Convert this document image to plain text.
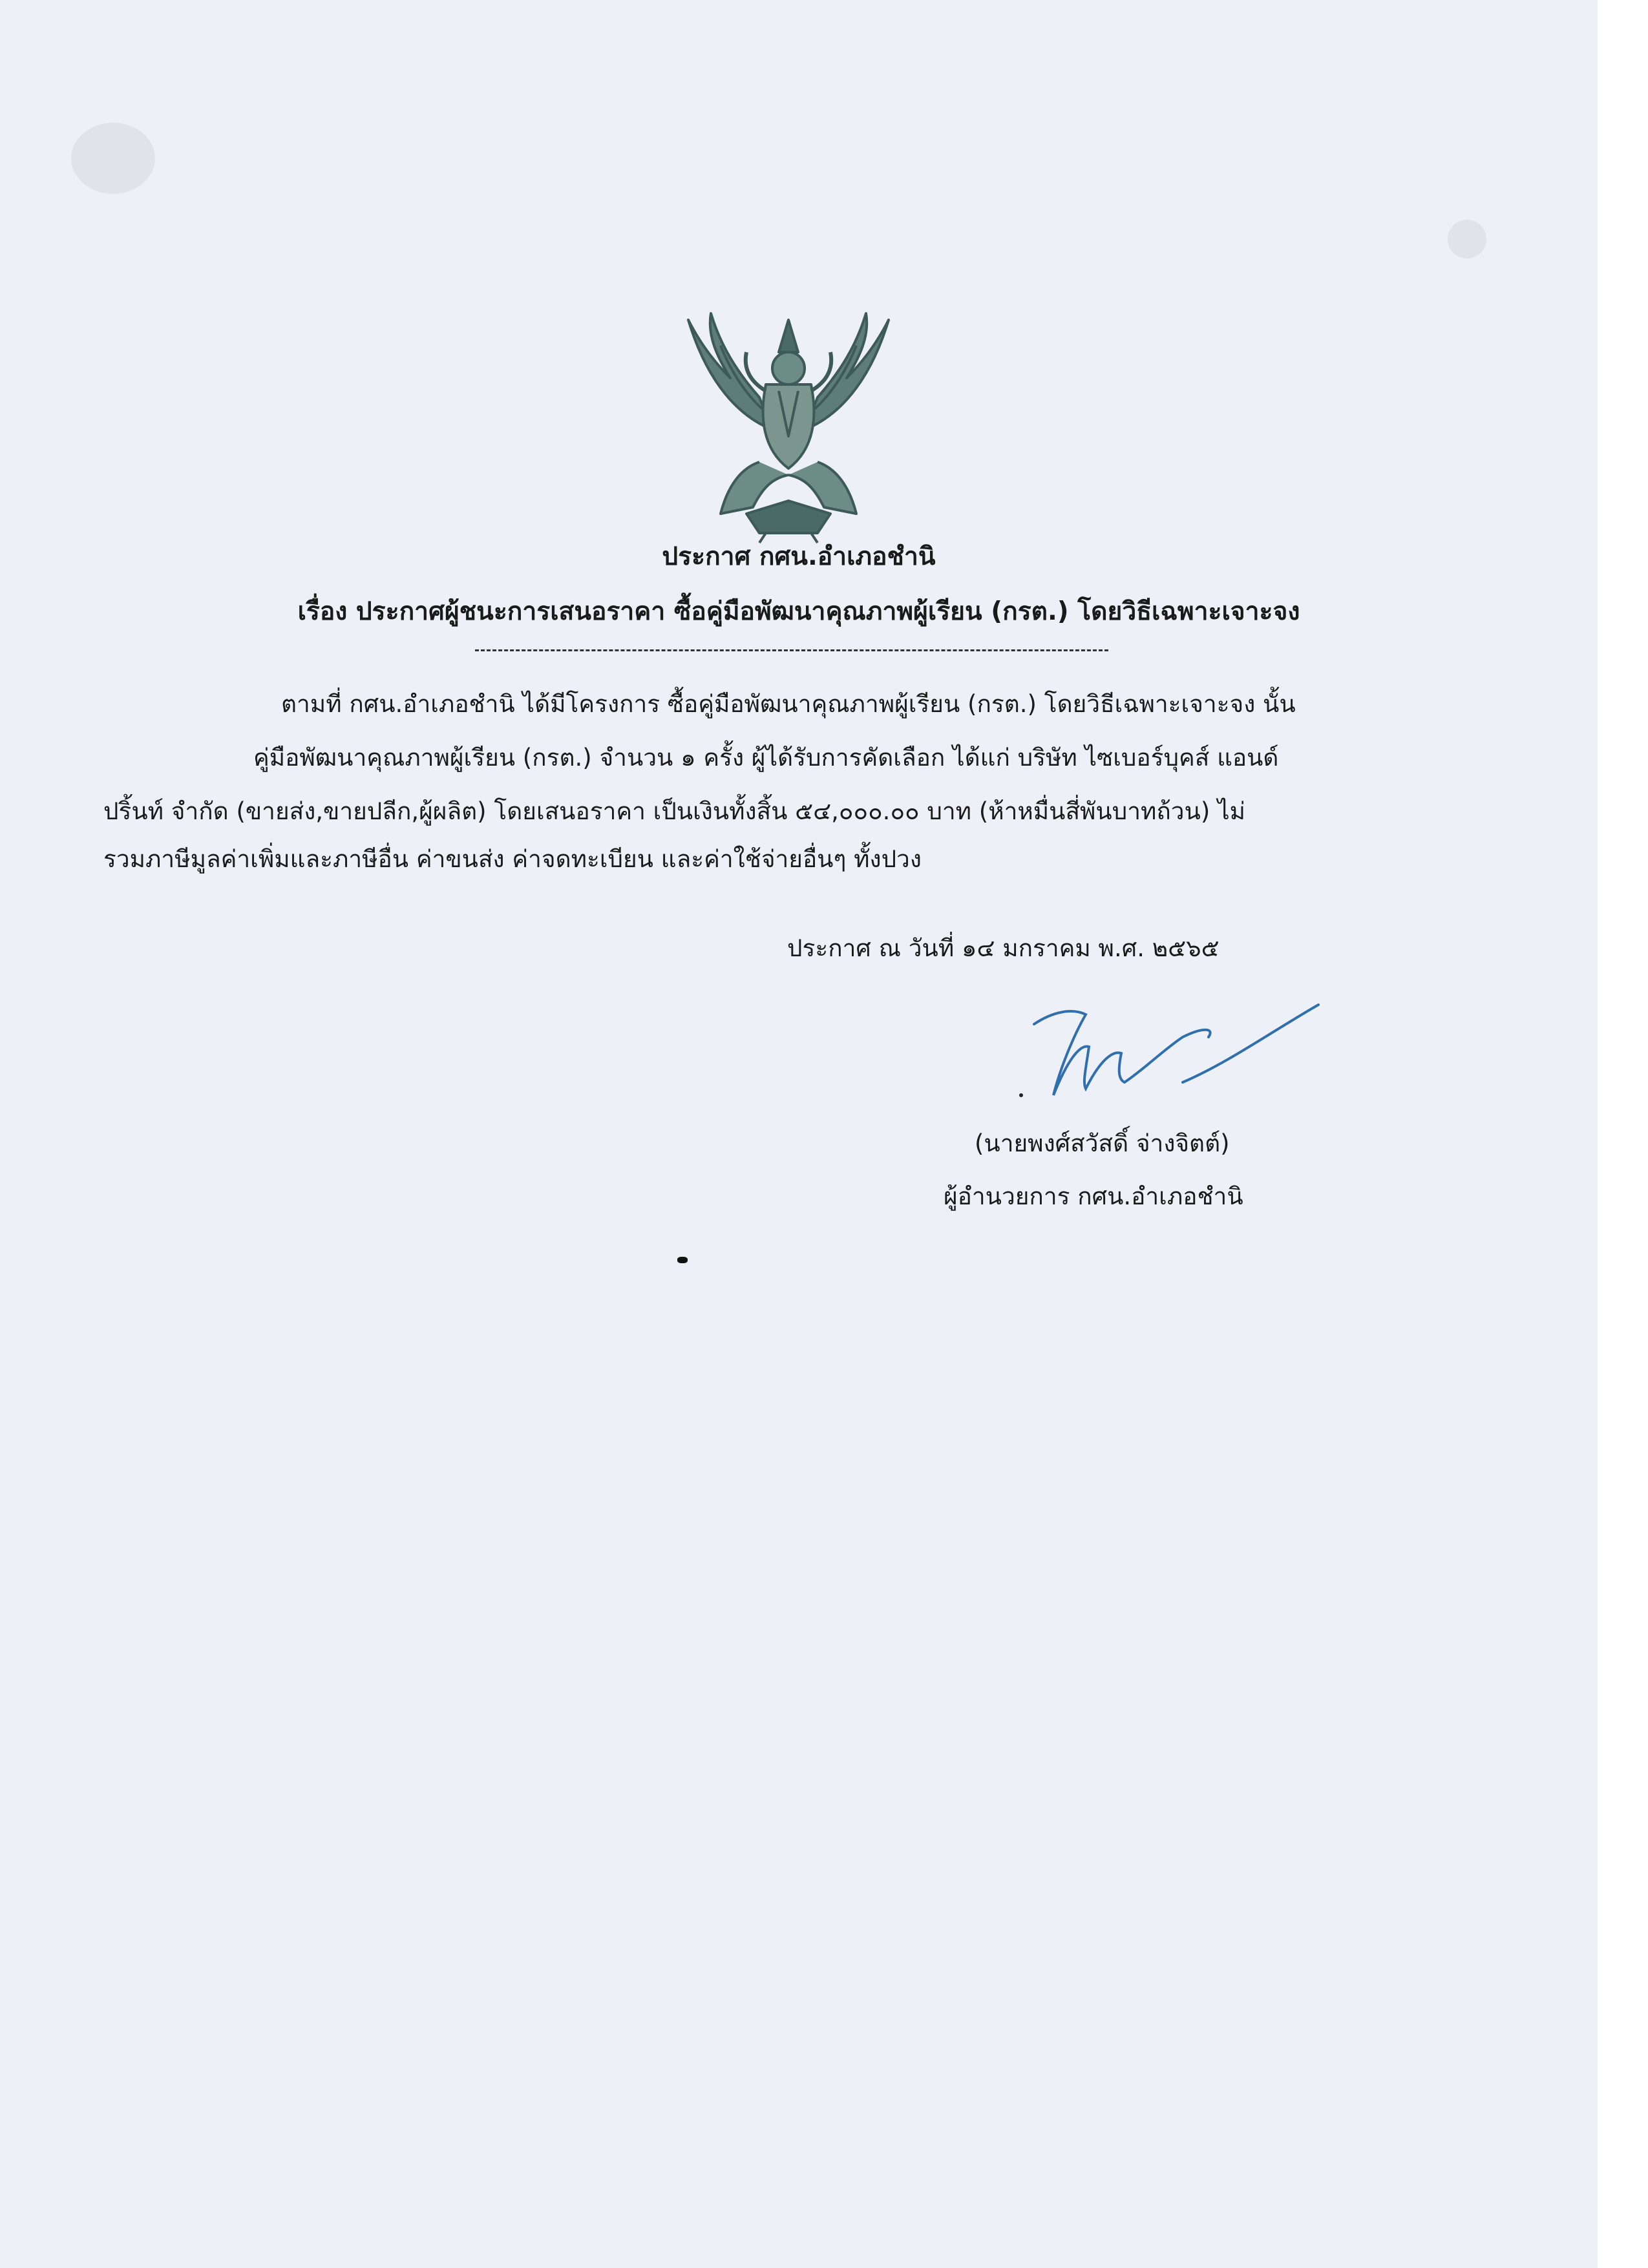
ประกาศ กศน.อำเภอชำนิ
เรื่อง ประกาศผู้ชนะการเสนอราคา ซื้อคู่มือพัฒนาคุณภาพผู้เรียน (กรต.) โดยวิธีเฉพาะเจาะจง
ตามที่ กศน.อำเภอชำนิ ได้มีโครงการ ซื้อคู่มือพัฒนาคุณภาพผู้เรียน (กรต.) โดยวิธีเฉพาะเจาะจง นั้น
คู่มือพัฒนาคุณภาพผู้เรียน (กรต.) จำนวน ๑ ครั้ง ผู้ได้รับการคัดเลือก ได้แก่ บริษัท ไซเบอร์บุคส์ แอนด์
ปริ้นท์ จำกัด (ขายส่ง,ขายปลีก,ผู้ผลิต) โดยเสนอราคา เป็นเงินทั้งสิ้น ๕๔,๐๐๐.๐๐ บาท (ห้าหมื่นสี่พันบาทถ้วน) ไม่
รวมภาษีมูลค่าเพิ่มและภาษีอื่น ค่าขนส่ง ค่าจดทะเบียน และค่าใช้จ่ายอื่นๆ ทั้งปวง
ประกาศ ณ วันที่ ๑๔ มกราคม พ.ศ. ๒๕๖๕
(นายพงศ์สวัสดิ์ จ่างจิตต์)
ผู้อำนวยการ กศน.อำเภอชำนิ
